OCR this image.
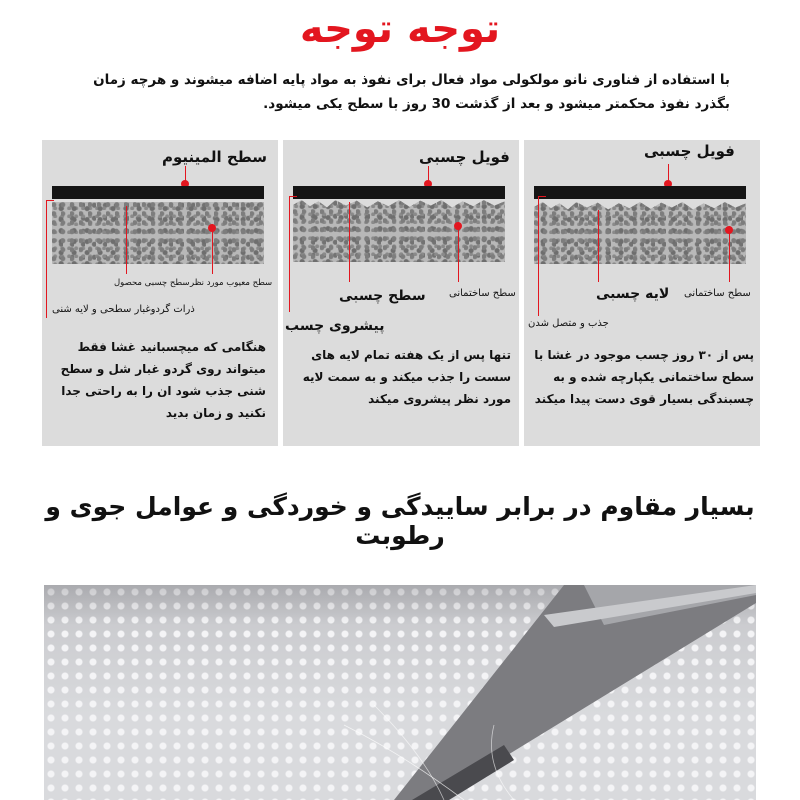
توجه توجه
با استفاده از فناوری نانو مولکولی مواد فعال برای نفوذ به مواد پایه اضافه میشوند و هرچه زمان بگذرد نفوذ محکمتر میشود و بعد از گذشت 30 روز با سطح یکی میشود.
سطح المینیوم
سطح چسبی محصول سطح معیوب مورد نظر
ذرات گردوغبار سطحی و لایه شنی
هنگامی که میچسبانید غشا فقط میتواند روی گردو غبار شل و سطح شنی جذب شود ان را به راحتی جدا نکنید و زمان بدید
فویل چسبی
سطح ساختمانی
سطح چسبی
پیشروی چسب
تنها پس از یک هفته تمام لایه های سست را جذب میکند و به سمت لایه مورد نظر پیشروی میکند
فویل چسبی
سطح ساختمانی
لایه چسبی
جذب و متصل شدن
پس از ۳۰ روز چسب موجود در غشا با سطح ساختمانی یکپارچه شده و به چسبندگی بسیار قوی دست پیدا میکند
بسیار مقاوم در برابر ساییدگی و خوردگی و عوامل جوی و رطوبت
